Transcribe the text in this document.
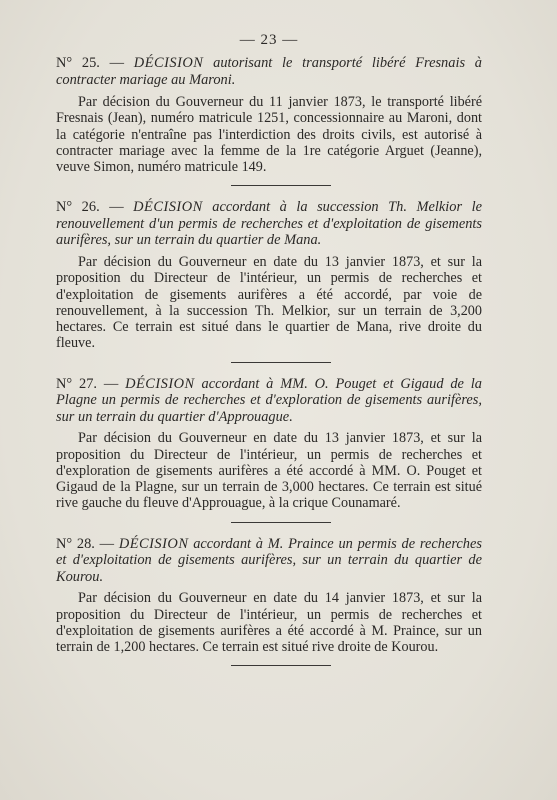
— 23 —
N° 25. — DÉCISION autorisant le transporté libéré Fresnais à contracter mariage au Maroni.
Par décision du Gouverneur du 11 janvier 1873, le transporté libéré Fresnais (Jean), numéro matricule 1251, concessionnaire au Maroni, dont la catégorie n'entraîne pas l'interdiction des droits civils, est autorisé à contracter mariage avec la femme de la 1re catégorie Arguet (Jeanne), veuve Simon, numéro matricule 149.
N° 26. — DÉCISION accordant à la succession Th. Melkior le renouvellement d'un permis de recherches et d'exploitation de gisements aurifères, sur un terrain du quartier de Mana.
Par décision du Gouverneur en date du 13 janvier 1873, et sur la proposition du Directeur de l'intérieur, un permis de recherches et d'exploitation de gisements aurifères a été accordé, par voie de renouvellement, à la succession Th. Melkior, sur un terrain de 3,200 hectares. Ce terrain est situé dans le quartier de Mana, rive droite du fleuve.
N° 27. — DÉCISION accordant à MM. O. Pouget et Gigaud de la Plagne un permis de recherches et d'exploration de gisements aurifères, sur un terrain du quartier d'Approuague.
Par décision du Gouverneur en date du 13 janvier 1873, et sur la proposition du Directeur de l'intérieur, un permis de recherches et d'exploration de gisements aurifères a été accordé à MM. O. Pouget et Gigaud de la Plagne, sur un terrain de 3,000 hectares. Ce terrain est situé rive gauche du fleuve d'Approuague, à la crique Counamaré.
N° 28. — DÉCISION accordant à M. Praince un permis de recherches et d'exploitation de gisements aurifères, sur un terrain du quartier de Kourou.
Par décision du Gouverneur en date du 14 janvier 1873, et sur la proposition du Directeur de l'intérieur, un permis de recherches et d'exploitation de gisements aurifères a été accordé à M. Praince, sur un terrain de 1,200 hectares. Ce terrain est situé rive droite de Kourou.
